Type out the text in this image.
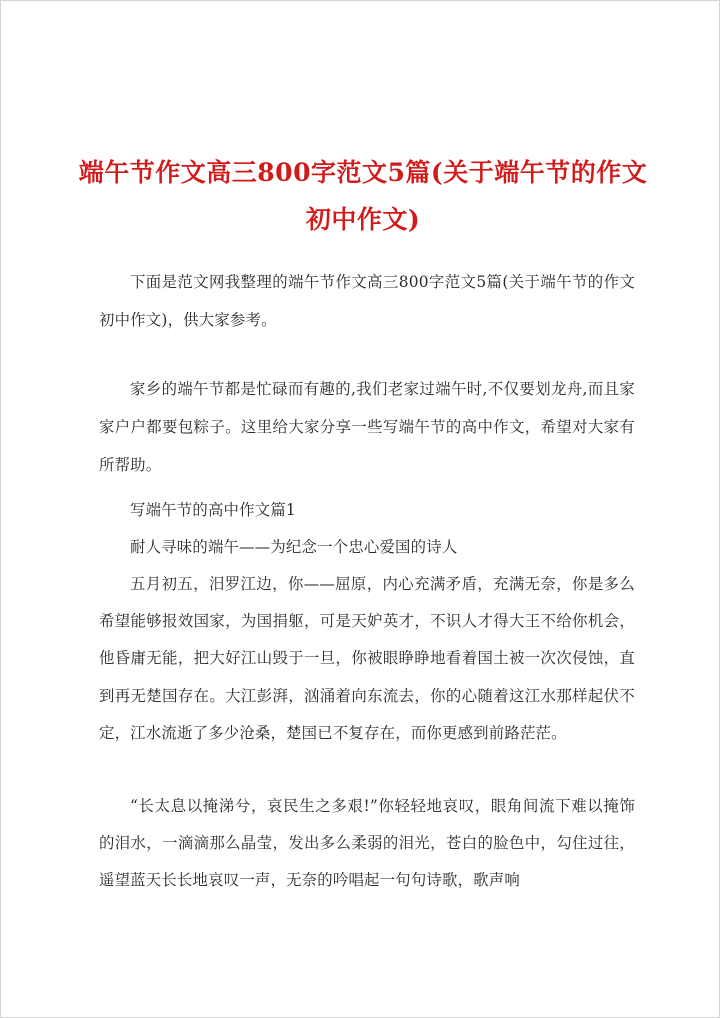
端午节作文高三800字范文5篇(关于端午节的作文初中作文)

下面是范文网我整理的端午节作文高三800字范文5篇(关于端午节的作文初中作文)，供大家参考。

家乡的端午节都是忙碌而有趣的,我们老家过端午时,不仅要划龙舟,而且家家户户都要包粽子。这里给大家分享一些写端午节的高中作文，希望对大家有所帮助。

写端午节的高中作文篇1

耐人寻味的端午——为纪念一个忠心爱国的诗人

五月初五，汨罗江边，你——屈原，内心充满矛盾，充满无奈，你是多么希望能够报效国家，为国捐躯，可是天妒英才，不识人才得大王不给你机会，他昏庸无能，把大好江山毁于一旦，你被眼睁睁地看着国土被一次次侵蚀，直到再无楚国存在。大江彭湃，汹涌着向东流去，你的心随着这江水那样起伏不定，江水流逝了多少沧桑，楚国已不复存在，而你更感到前路茫茫。

“长太息以掩涕兮，哀民生之多艰!”你轻轻地哀叹，眼角间流下难以掩饰的泪水，一滴滴那么晶莹，发出多么柔弱的泪光，苍白的脸色中，勾住过往，遥望蓝天长长地哀叹一声，无奈的吟唱起一句句诗歌，歌声响
